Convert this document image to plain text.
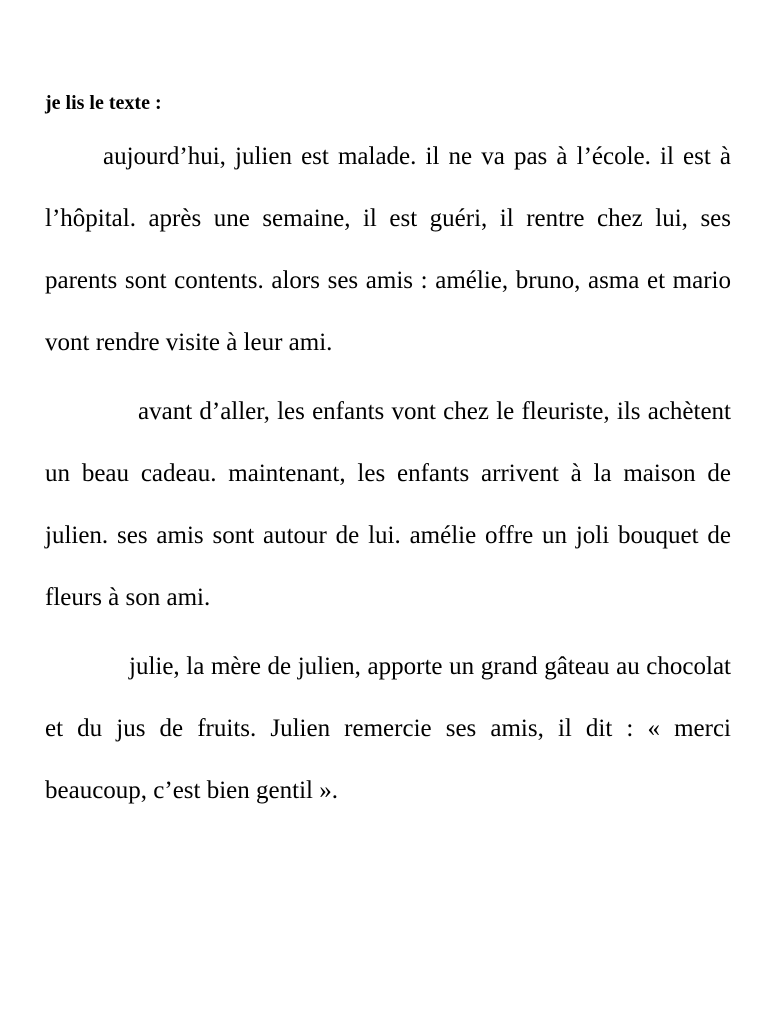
je lis le texte :

aujourd’hui, julien est malade. il ne va pas à l’école. il est à l’hôpital. après une semaine, il est guéri, il rentre chez lui, ses parents sont contents. alors ses amis : amélie, bruno, asma et mario vont rendre visite à leur ami.

avant d’aller, les enfants vont chez le fleuriste, ils achètent un beau cadeau. maintenant, les enfants arrivent à la maison de julien. ses amis sont autour de lui. amélie offre un joli bouquet de fleurs à son ami.

julie, la mère de julien, apporte un grand gâteau au chocolat et du jus de fruits. Julien remercie ses amis, il dit : « merci beaucoup, c’est bien gentil ».
